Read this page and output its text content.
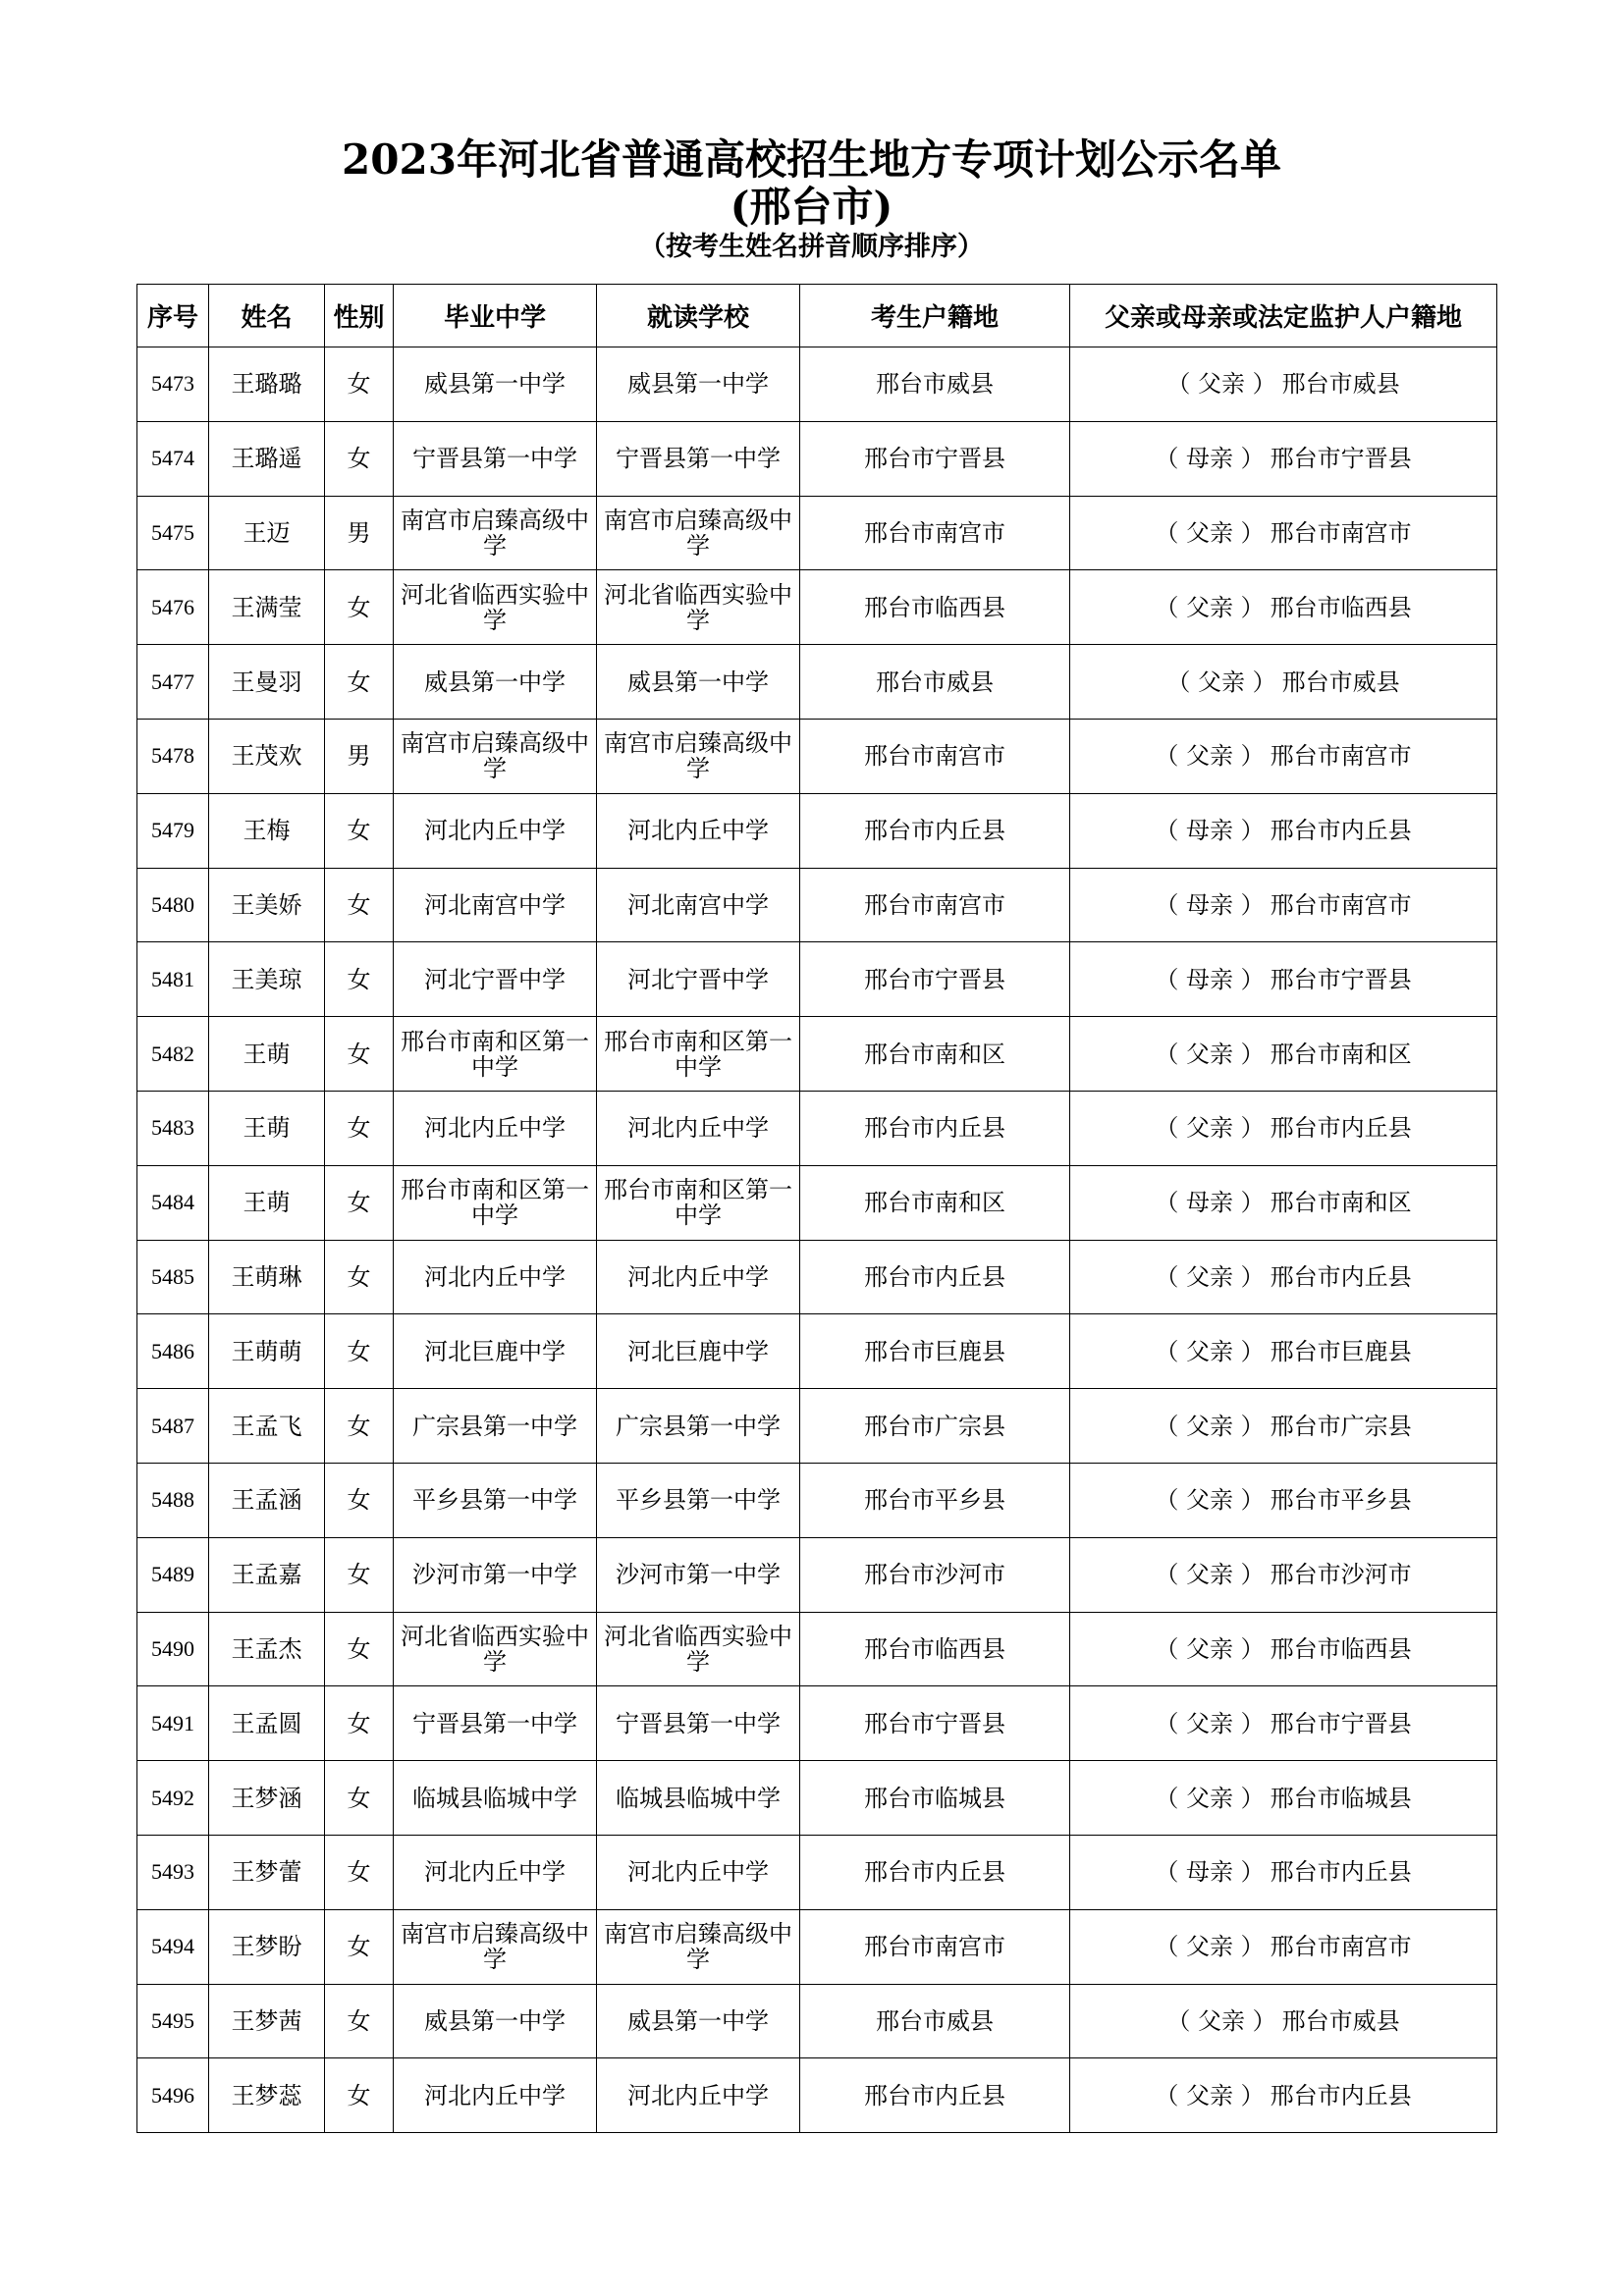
2023年河北省普通高校招生地方专项计划公示名单
(邢台市)
（按考生姓名拼音顺序排序）
序号	姓名	性别	毕业中学	就读学校	考生户籍地	父亲或母亲或法定监护人户籍地
5473	王璐璐	女	威县第一中学	威县第一中学	邢台市威县	（ 父亲 ） 邢台市威县
5474	王璐遥	女	宁晋县第一中学	宁晋县第一中学	邢台市宁晋县	（ 母亲 ） 邢台市宁晋县
5475	王迈	男	南宫市启臻高级中学	南宫市启臻高级中学	邢台市南宫市	（ 父亲 ） 邢台市南宫市
5476	王满莹	女	河北省临西实验中学	河北省临西实验中学	邢台市临西县	（ 父亲 ） 邢台市临西县
5477	王曼羽	女	威县第一中学	威县第一中学	邢台市威县	（ 父亲 ） 邢台市威县
5478	王茂欢	男	南宫市启臻高级中学	南宫市启臻高级中学	邢台市南宫市	（ 父亲 ） 邢台市南宫市
5479	王梅	女	河北内丘中学	河北内丘中学	邢台市内丘县	（ 母亲 ） 邢台市内丘县
5480	王美娇	女	河北南宫中学	河北南宫中学	邢台市南宫市	（ 母亲 ） 邢台市南宫市
5481	王美琼	女	河北宁晋中学	河北宁晋中学	邢台市宁晋县	（ 母亲 ） 邢台市宁晋县
5482	王萌	女	邢台市南和区第一中学	邢台市南和区第一中学	邢台市南和区	（ 父亲 ） 邢台市南和区
5483	王萌	女	河北内丘中学	河北内丘中学	邢台市内丘县	（ 父亲 ） 邢台市内丘县
5484	王萌	女	邢台市南和区第一中学	邢台市南和区第一中学	邢台市南和区	（ 母亲 ） 邢台市南和区
5485	王萌琳	女	河北内丘中学	河北内丘中学	邢台市内丘县	（ 父亲 ） 邢台市内丘县
5486	王萌萌	女	河北巨鹿中学	河北巨鹿中学	邢台市巨鹿县	（ 父亲 ） 邢台市巨鹿县
5487	王孟飞	女	广宗县第一中学	广宗县第一中学	邢台市广宗县	（ 父亲 ） 邢台市广宗县
5488	王孟涵	女	平乡县第一中学	平乡县第一中学	邢台市平乡县	（ 父亲 ） 邢台市平乡县
5489	王孟嘉	女	沙河市第一中学	沙河市第一中学	邢台市沙河市	（ 父亲 ） 邢台市沙河市
5490	王孟杰	女	河北省临西实验中学	河北省临西实验中学	邢台市临西县	（ 父亲 ） 邢台市临西县
5491	王孟圆	女	宁晋县第一中学	宁晋县第一中学	邢台市宁晋县	（ 父亲 ） 邢台市宁晋县
5492	王梦涵	女	临城县临城中学	临城县临城中学	邢台市临城县	（ 父亲 ） 邢台市临城县
5493	王梦蕾	女	河北内丘中学	河北内丘中学	邢台市内丘县	（ 母亲 ） 邢台市内丘县
5494	王梦盼	女	南宫市启臻高级中学	南宫市启臻高级中学	邢台市南宫市	（ 父亲 ） 邢台市南宫市
5495	王梦茜	女	威县第一中学	威县第一中学	邢台市威县	（ 父亲 ） 邢台市威县
5496	王梦蕊	女	河北内丘中学	河北内丘中学	邢台市内丘县	（ 父亲 ） 邢台市内丘县
